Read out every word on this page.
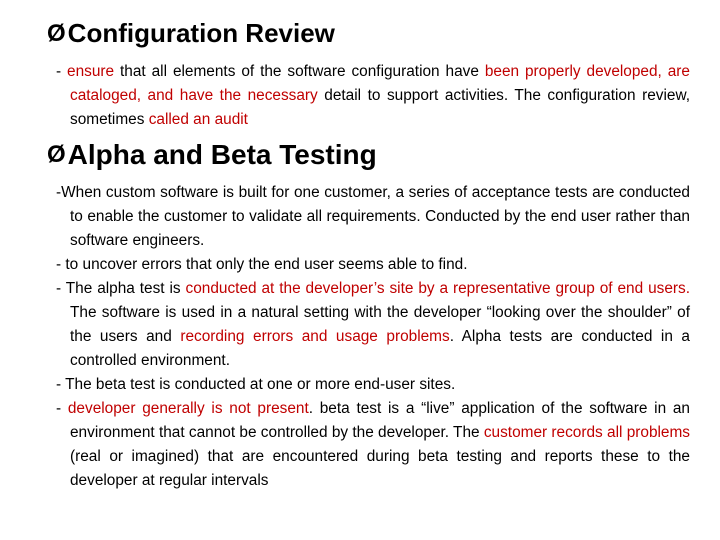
Ø Configuration Review
- ensure that all elements of the software configuration have been properly developed, are cataloged, and have the necessary detail to support activities. The configuration review, sometimes called an audit
Ø Alpha and Beta Testing
-When custom software is built for one customer, a series of acceptance tests are conducted to enable the customer to validate all requirements. Conducted by the end user rather than software engineers.
- to uncover errors that only the end user seems able to find.
- The alpha test is conducted at the developer’s site by a representative group of end users. The software is used in a natural setting with the developer “looking over the shoulder” of the users and recording errors and usage problems. Alpha tests are conducted in a controlled environment.
- The beta test is conducted at one or more end-user sites.
- developer generally is not present. beta test is a “live” application of the software in an environment that cannot be controlled by the developer. The customer records all problems (real or imagined) that are encountered during beta testing and reports these to the developer at regular intervals
